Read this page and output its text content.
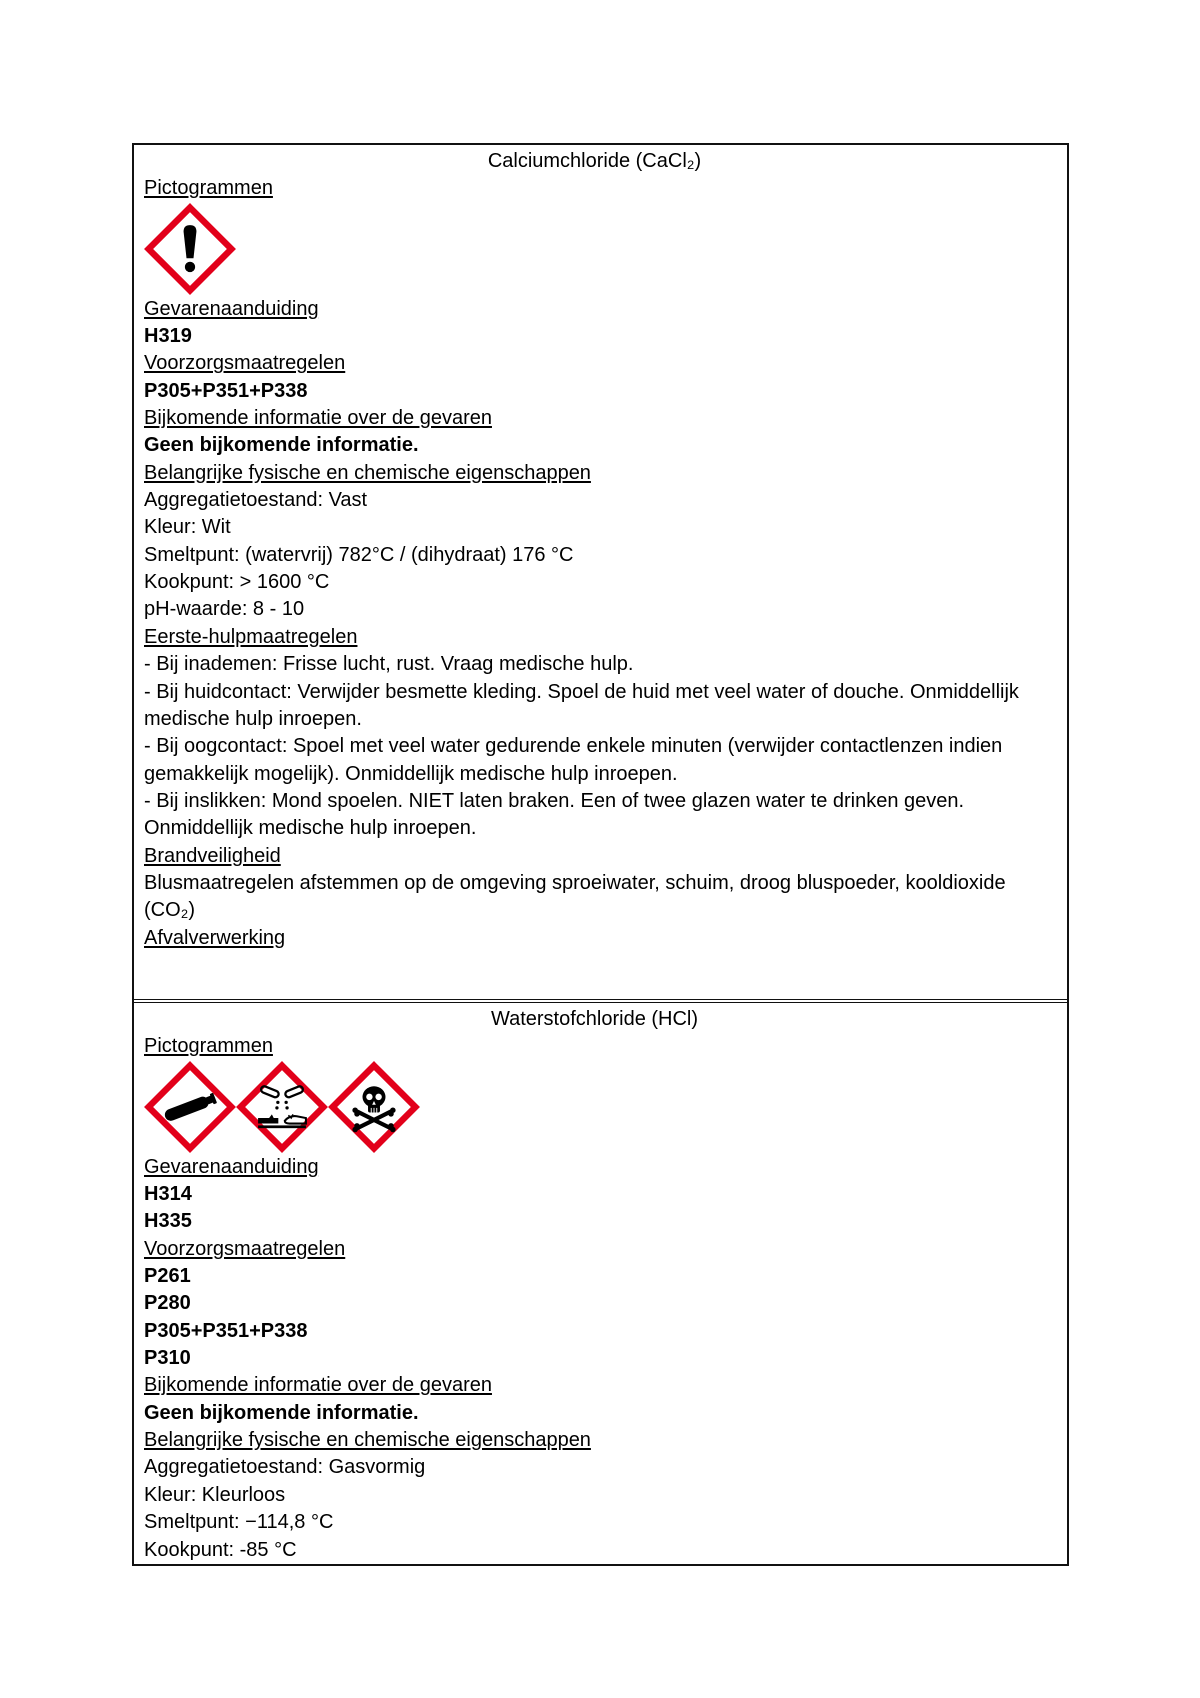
Calciumchloride (CaCl₂)
Pictogrammen
Gevarenaanduiding
H319
Voorzorgsmaatregelen
P305+P351+P338
Bijkomende informatie over de gevaren
Geen bijkomende informatie.
Belangrijke fysische en chemische eigenschappen
Aggregatietoestand: Vast
Kleur: Wit
Smeltpunt: (watervrij) 782°C / (dihydraat) 176 °C
Kookpunt: > 1600 °C
pH-waarde: 8 - 10
Eerste-hulpmaatregelen
- Bij inademen: Frisse lucht, rust. Vraag medische hulp.
- Bij huidcontact: Verwijder besmette kleding. Spoel de huid met veel water of douche. Onmiddellijk medische hulp inroepen.
- Bij oogcontact: Spoel met veel water gedurende enkele minuten (verwijder contactlenzen indien gemakkelijk mogelijk). Onmiddellijk medische hulp inroepen.
- Bij inslikken: Mond spoelen. NIET laten braken. Een of twee glazen water te drinken geven. Onmiddellijk medische hulp inroepen.
Brandveiligheid
Blusmaatregelen afstemmen op de omgeving sproeiwater, schuim, droog bluspoeder, kooldioxide (CO₂)
Afvalverwerking
Waterstofchloride (HCl)
Pictogrammen
Gevarenaanduiding
H314
H335
Voorzorgsmaatregelen
P261
P280
P305+P351+P338
P310
Bijkomende informatie over de gevaren
Geen bijkomende informatie.
Belangrijke fysische en chemische eigenschappen
Aggregatietoestand: Gasvormig
Kleur: Kleurloos
Smeltpunt: −114,8 °C
Kookpunt: -85 °C
